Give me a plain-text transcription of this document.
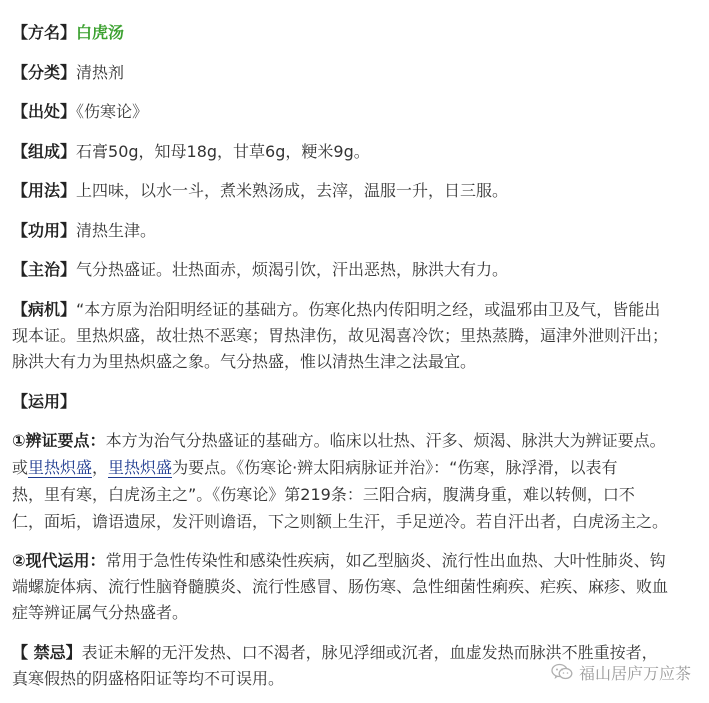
【方名】白虎汤
【分类】清热剂
【出处】《伤寒论》
【组成】石膏50g，知母18g，甘草6g，粳米9g。
【用法】上四味，以水一斗，煮米熟汤成，去滓，温服一升，日三服。
【功用】清热生津。
【主治】气分热盛证。壮热面赤，烦渴引饮，汗出恶热，脉洪大有力。
【病机】“本方原为治阳明经证的基础方。伤寒化热内传阳明之经，或温邪由卫及气，皆能出
现本证。里热炽盛，故壮热不恶寒；胃热津伤，故见渴喜冷饮；里热蒸腾，逼津外泄则汗出；
脉洪大有力为里热炽盛之象。气分热盛，惟以清热生津之法最宜。
【运用】
①辨证要点：本方为治气分热盛证的基础方。临床以壮热、汗多、烦渴、脉洪大为辨证要点。
或里热炽盛，里热炽盛为要点。《伤寒论·辨太阳病脉证并治》：“伤寒，脉浮滑，以表有
热，里有寒，白虎汤主之”。《伤寒论》第219条：三阳合病，腹满身重，难以转侧，口不
仁，面垢，谵语遗尿，发汗则谵语，下之则额上生汗，手足逆冷。若自汗出者，白虎汤主之。
②现代运用：常用于急性传染性和感染性疾病，如乙型脑炎、流行性出血热、大叶性肺炎、钩
端螺旋体病、流行性脑脊髓膜炎、流行性感冒、肠伤寒、急性细菌性痢疾、疟疾、麻疹、败血
症等辨证属气分热盛者。
【 禁忌】表证未解的无汗发热、口不渴者，脉见浮细或沉者，血虚发热而脉洪不胜重按者，
真寒假热的阴盛格阳证等均不可误用。	福山居庐万应茶
